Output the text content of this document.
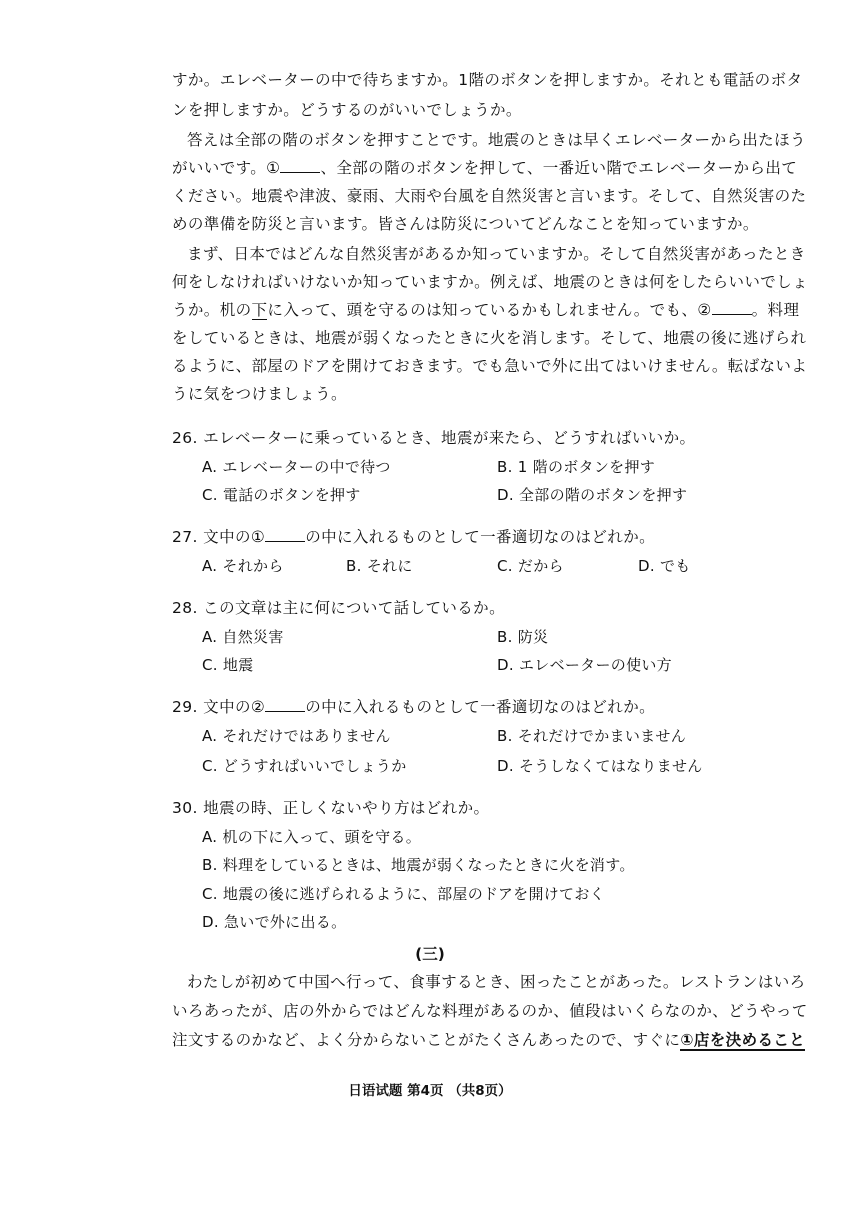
すか。エレベーターの中で待ちますか。1階のボタンを押しますか。それとも電話のボタ
ンを押しますか。どうするのがいいでしょうか。
答えは全部の階のボタンを押すことです。地震のときは早くエレベーターから出たほう
がいいです。①	、全部の階のボタンを押して、一番近い階でエレベーターから出て
ください。地震や津波、豪雨、大雨や台風を自然災害と言います。そして、自然災害のた
めの準備を防災と言います。皆さんは防災についてどんなことを知っていますか。
まず、日本ではどんな自然災害があるか知っていますか。そして自然災害があったとき
何をしなければいけないか知っていますか。例えば、地震のときは何をしたらいいでしょ
うか。机の下に入って、頭を守るのは知っているかもしれません。でも、②	。料理
をしているときは、地震が弱くなったときに火を消します。そして、地震の後に逃げられ
るように、部屋のドアを開けておきます。でも急いで外に出てはいけません。転ばないよ
うに気をつけましょう。
26. エレベーターに乗っているとき、地震が来たら、どうすればいいか。
A. エレベーターの中で待つ	B. 1 階のボタンを押す
C. 電話のボタンを押す	D. 全部の階のボタンを押す
27. 文中の①	の中に入れるものとして一番適切なのはどれか。
A. それから	B. それに	C. だから	D. でも
28. この文章は主に何について話しているか。
A. 自然災害	B. 防災
C. 地震	D. エレベーターの使い方
29. 文中の②	の中に入れるものとして一番適切なのはどれか。
A. それだけではありません	B. それだけでかまいません
C. どうすればいいでしょうか	D. そうしなくてはなりません
30. 地震の時、正しくないやり方はどれか。
A. 机の下に入って、頭を守る。
B. 料理をしているときは、地震が弱くなったときに火を消す。
C. 地震の後に逃げられるように、部屋のドアを開けておく
D. 急いで外に出る。
(三)
わたしが初めて中国へ行って、食事するとき、困ったことがあった。レストランはいろ
いろあったが、店の外からではどんな料理があるのか、値段はいくらなのか、どうやって
注文するのかなど、よく分からないことがたくさんあったので、すぐに①店を決めること
日语试题 第4页 （共8页）
